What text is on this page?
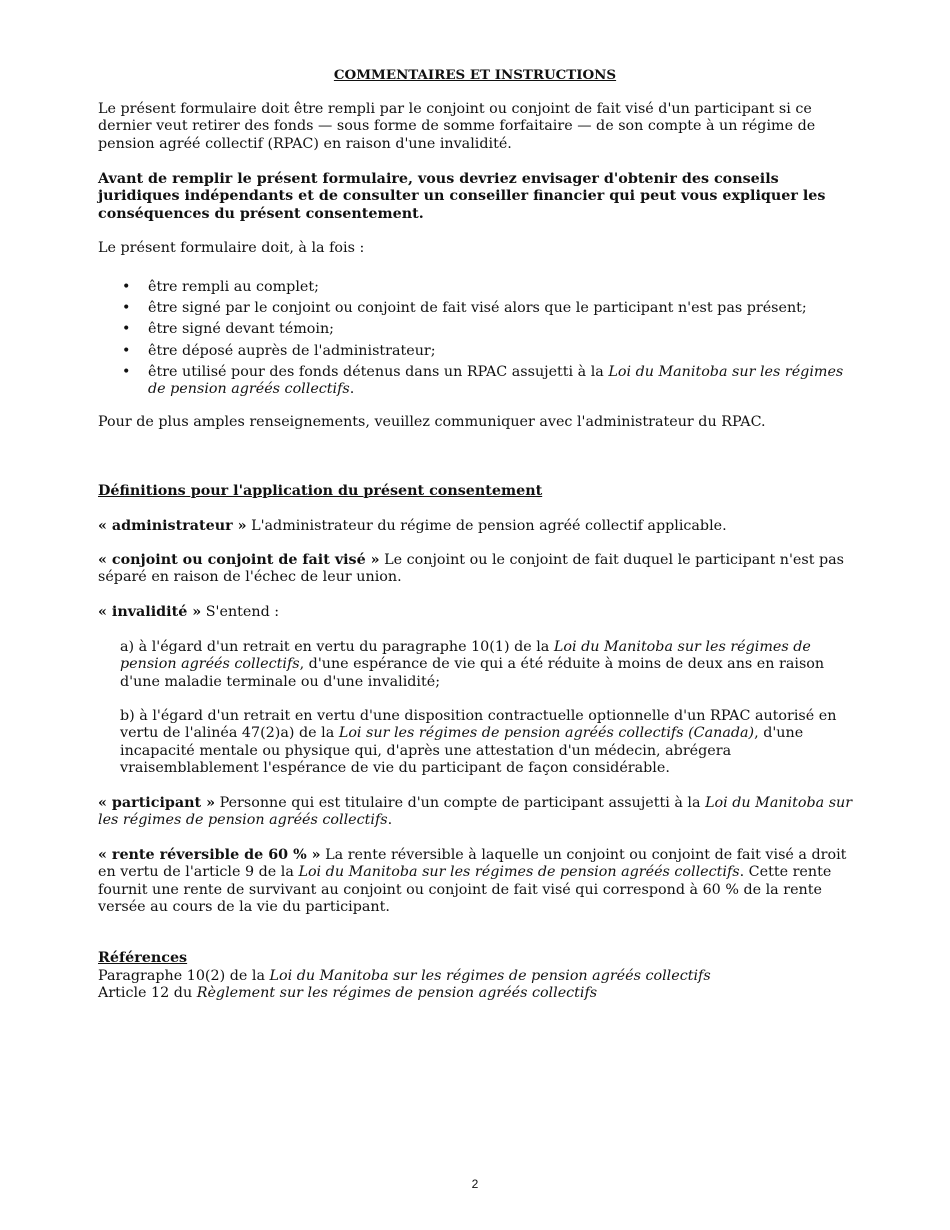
COMMENTAIRES ET INSTRUCTIONS

Le présent formulaire doit être rempli par le conjoint ou conjoint de fait visé d'un participant si ce dernier veut retirer des fonds — sous forme de somme forfaitaire — de son compte à un régime de pension agréé collectif (RPAC) en raison d'une invalidité.

Avant de remplir le présent formulaire, vous devriez envisager d'obtenir des conseils juridiques indépendants et de consulter un conseiller financier qui peut vous expliquer les conséquences du présent consentement.

Le présent formulaire doit, à la fois :

• être rempli au complet;
• être signé par le conjoint ou conjoint de fait visé alors que le participant n'est pas présent;
• être signé devant témoin;
• être déposé auprès de l'administrateur;
• être utilisé pour des fonds détenus dans un RPAC assujetti à la Loi du Manitoba sur les régimes de pension agréés collectifs.

Pour de plus amples renseignements, veuillez communiquer avec l'administrateur du RPAC.

Définitions pour l'application du présent consentement

« administrateur » L'administrateur du régime de pension agréé collectif applicable.

« conjoint ou conjoint de fait visé » Le conjoint ou le conjoint de fait duquel le participant n'est pas séparé en raison de l'échec de leur union.

« invalidité » S'entend :

a) à l'égard d'un retrait en vertu du paragraphe 10(1) de la Loi du Manitoba sur les régimes de pension agréés collectifs, d'une espérance de vie qui a été réduite à moins de deux ans en raison d'une maladie terminale ou d'une invalidité;

b) à l'égard d'un retrait en vertu d'une disposition contractuelle optionnelle d'un RPAC autorisé en vertu de l'alinéa 47(2)a) de la Loi sur les régimes de pension agréés collectifs (Canada), d'une incapacité mentale ou physique qui, d'après une attestation d'un médecin, abrégera vraisemblablement l'espérance de vie du participant de façon considérable.

« participant » Personne qui est titulaire d'un compte de participant assujetti à la Loi du Manitoba sur les régimes de pension agréés collectifs.

« rente réversible de 60 % » La rente réversible à laquelle un conjoint ou conjoint de fait visé a droit en vertu de l'article 9 de la Loi du Manitoba sur les régimes de pension agréés collectifs. Cette rente fournit une rente de survivant au conjoint ou conjoint de fait visé qui correspond à 60 % de la rente versée au cours de la vie du participant.

Références

Paragraphe 10(2) de la Loi du Manitoba sur les régimes de pension agréés collectifs

Article 12 du Règlement sur les régimes de pension agréés collectifs

2
